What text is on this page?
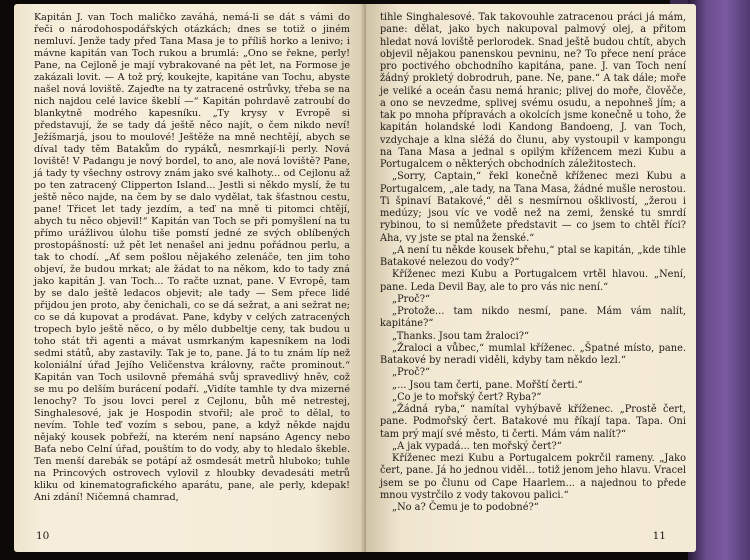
Kapitán J. van Toch maličko zaváhá, nemá-li se dát s vámi do řeči o národohospodářských otázkách; dnes se totiž o jiném nemluví. Jenže tady před Tana Masa je to příliš horko a lenivo; i mávne kapitán van Toch rukou a brumlá: „Ono se řekne, perly! Pane, na Cejloně je mají vybrakované na pět let, na Formose je zakázali lovit. — A tož prý, koukejte, kapitáne van Tochu, abyste našel nová loviště. Zajeďte na ty zatracené ostrůvky, třeba se na nich najdou celé lavice škeblí —“ Kapitán pohrdavě zatroubí do blankytně modrého kapesníku. „Ty krysy v Evropě si představují, že se tady dá ještě něco najít, o čem nikdo neví! Ježíšmarjá, jsou to moulové! Ještěže na mně nechtějí, abych se díval tady těm Batakům do rypáků, nesmrkají-li perly. Nová loviště! V Padangu je nový bordel, to ano, ale nová loviště? Pane, já tady ty všechny ostrovy znám jako své kalhoty... od Cejlonu až po ten zatracený Clipperton Island... Jestli si někdo myslí, že tu ještě něco najde, na čem by se dalo vydělat, tak šťastnou cestu, pane! Třicet let tady jezdím, a teď na mně ti pitomci chtějí, abych tu něco objevil!“ Kapitán van Toch se při pomyšlení na tu přímo urážlivou úlohu tiše pomstí jedné ze svých oblíbených prostopášností: už pět let nenašel ani jednu pořádnou perlu, a tak to chodí. „Ať sem pošlou nějakého zelenáče, ten jim toho objeví, že budou mrkat; ale žádat to na někom, kdo to tady zná jako kapitán J. van Toch... To račte uznat, pane. V Evropě, tam by se dalo ještě ledacos objevit; ale tady — Sem přece lidé přijdou jen proto, aby čenichali, co se dá sežrat, a ani sežrat ne; co se dá kupovat a prodávat. Pane, kdyby v celých zatracených tropech bylo ještě něco, o by mělo dubbeltje ceny, tak budou u toho stát tři agenti a mávat usmrkaným kapesníkem na lodi sedmi států, aby zastavily. Tak je to, pane. Já to tu znám líp než koloniální úřad Jejího Veličenstva královny, račte prominout.“ Kapitán van Toch usilovně přemáhá svůj spravedlivý hněv, což se mu po delším burácení podaří. „Vidíte tamhle ty dva mizerné lenochy? To jsou lovci perel z Cejlonu, bůh mě netrestej, Singhalesové, jak je Hospodin stvořil; ale proč to dělal, to nevím. Tohle teď vozím s sebou, pane, a když někde najdu nějaký kousek pobřeží, na kterém není napsáno Agency nebo Baťa nebo Celní úřad, pouštím to do vody, aby to hledalo škeble. Ten menší darebák se potápí až osmdesát metrů hluboko; tuhle na Princových ostrovech vylovil z hloubky devadesáti metrů kliku od kinematografického aparátu, pane, ale perly, kdepak! Ani zdání! Ničemná chamrad,

10

tihle Singhalesové. Tak takovouhle zatracenou práci já mám, pane: dělat, jako bych nakupoval palmový olej, a přitom hledat nová loviště perlorodek. Snad ještě budou chtít, abych objevil nějakou panenskou pevninu, ne? To přece není práce pro poctivého obchodního kapitána, pane. J. van Toch není žádný prokletý dobrodruh, pane. Ne, pane.“ A tak dále; moře je veliké a oceán času nemá hranic; plivej do moře, člověče, a ono se nevzedme, splivej svému osudu, a nepohneš jím; a tak po mnoha přípravách a okolcích jsme konečně u toho, že kapitán holandské lodi Kandong Bandoeng, J. van Toch, vzdychaje a klna sléžá do člunu, aby vystoupil v kampongu na Tana Masa a jednal s opilým křížencem mezi Kubu a Portugalcem o některých obchodních záležitostech.

„Sorry, Captain,“ řekl konečně kříženec mezi Kubu a Portugalcem, „ale tady, na Tana Masa, žádné mušle nerostou. Ti špinaví Batakové,“ děl s nesmírnou ošklivostí, „žerou i medúzy; jsou víc ve vodě než na zemi, ženské tu smrdí rybinou, to si nemůžete představit — co jsem to chtěl říci? Aha, vy jste se ptal na ženské.“

„A není tu někde kousek břehu,“ ptal se kapitán, „kde tihle Batakové nelezou do vody?“

Kříženec mezi Kubu a Portugalcem vrtěl hlavou. „Není, pane. Leda Devil Bay, ale to pro vás nic není.“

„Proč?“

„Protože... tam nikdo nesmí, pane. Mám vám nalít, kapitáne?“

„Thanks. Jsou tam žraloci?“

„Žraloci a vůbec,“ mumlal kříženec. „Špatné místo, pane. Batakové by neradi viděli, kdyby tam někdo lezl.“

„Proč?“

„... Jsou tam čerti, pane. Mořští čerti.“

„Co je to mořský čert? Ryba?“

„Žádná ryba,“ namítal vyhýbavě kříženec. „Prostě čert, pane. Podmořský čert. Batakové mu říkají tapa. Tapa. Oni tam prý mají své město, ti čerti. Mám vám nalít?“

„A jak vypadá... ten mořský čert?“

Kříženec mezi Kubu a Portugalcem pokrčil rameny. „Jako čert, pane. Já ho jednou viděl... totiž jenom jeho hlavu. Vracel jsem se po člunu od Cape Haarlem... a najednou to přede mnou vystrčilo z vody takovou palici.“

„No a? Čemu je to podobné?“

11
